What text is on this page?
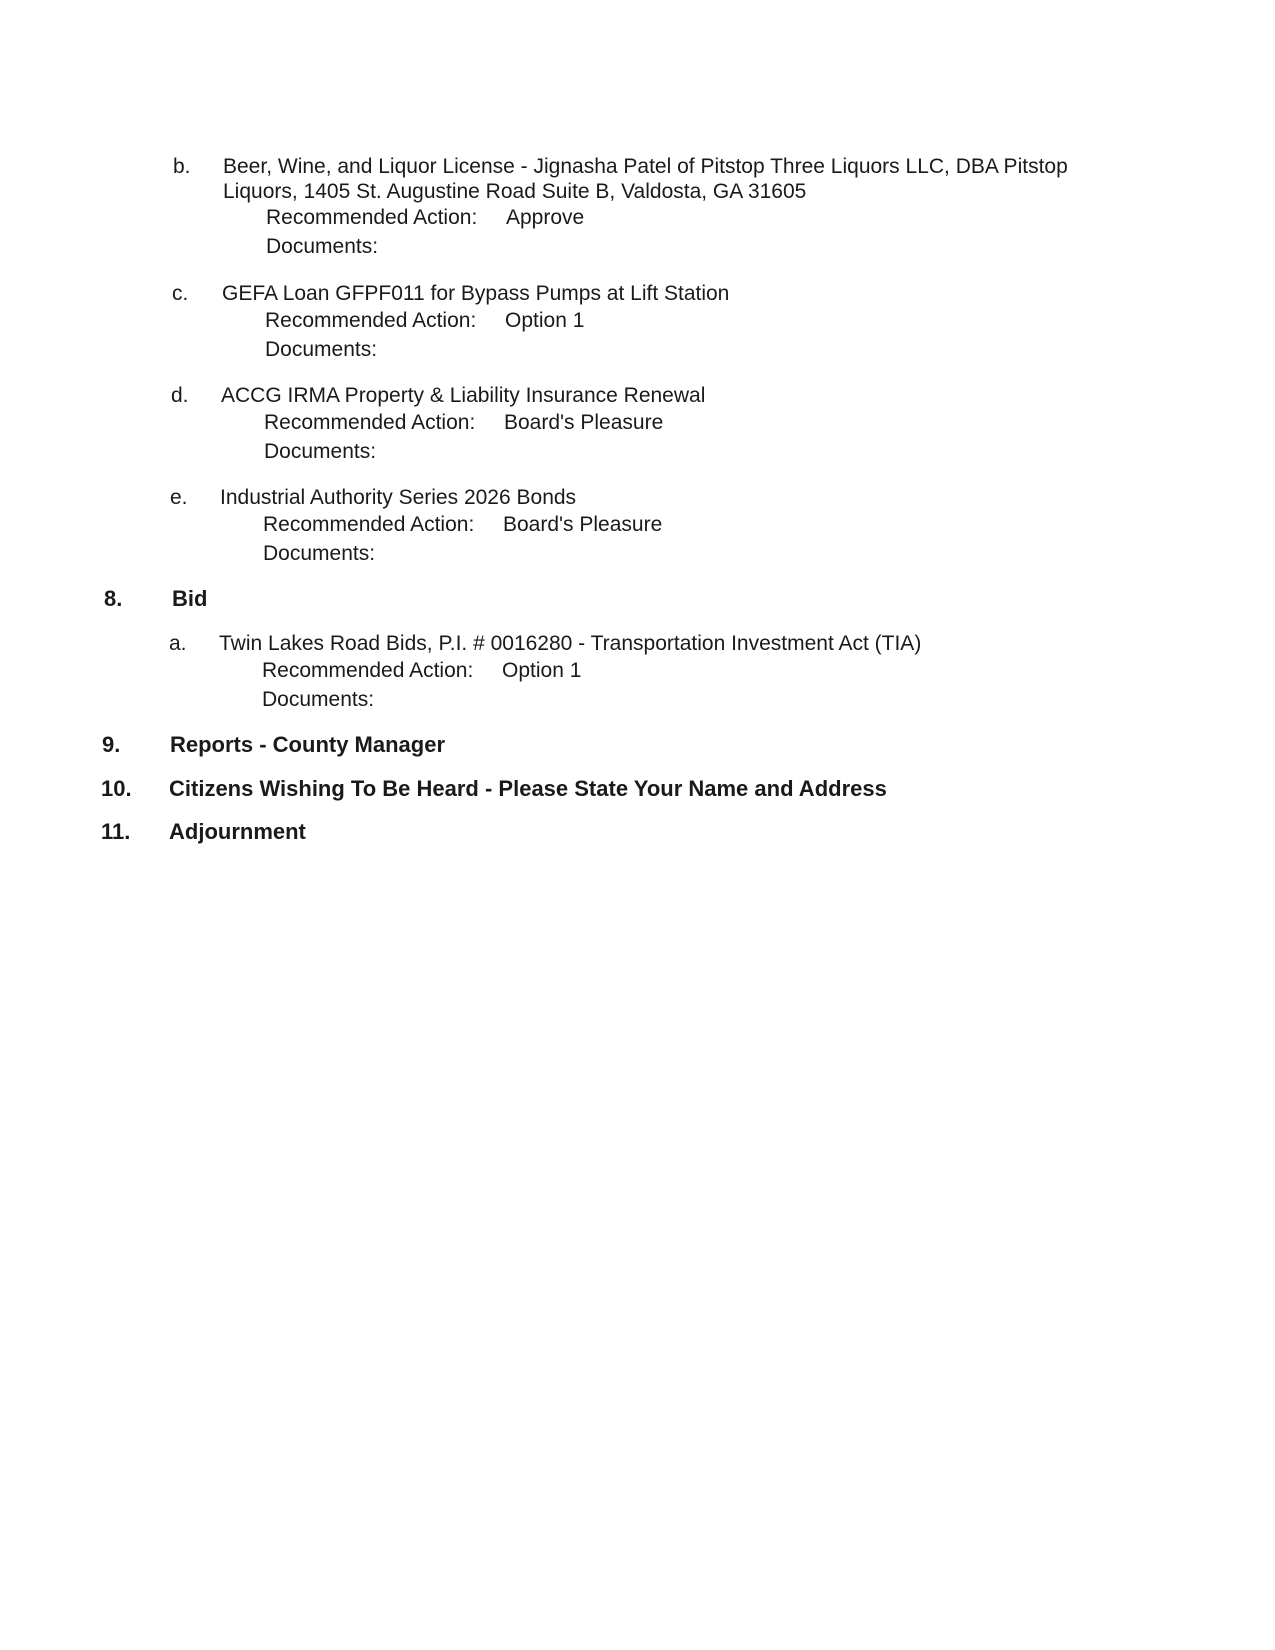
b. Beer, Wine, and Liquor License - Jignasha Patel of Pitstop Three Liquors LLC, DBA Pitstop Liquors, 1405 St. Augustine Road Suite B, Valdosta, GA 31605
Recommended Action: Approve
Documents:
c. GEFA Loan GFPF011 for Bypass Pumps at Lift Station
Recommended Action: Option 1
Documents:
d. ACCG IRMA Property & Liability Insurance Renewal
Recommended Action: Board's Pleasure
Documents:
e. Industrial Authority Series 2026 Bonds
Recommended Action: Board's Pleasure
Documents:
8. Bid
a. Twin Lakes Road Bids, P.I. # 0016280 - Transportation Investment Act (TIA)
Recommended Action: Option 1
Documents:
9. Reports - County Manager
10. Citizens Wishing To Be Heard - Please State Your Name and Address
11. Adjournment
